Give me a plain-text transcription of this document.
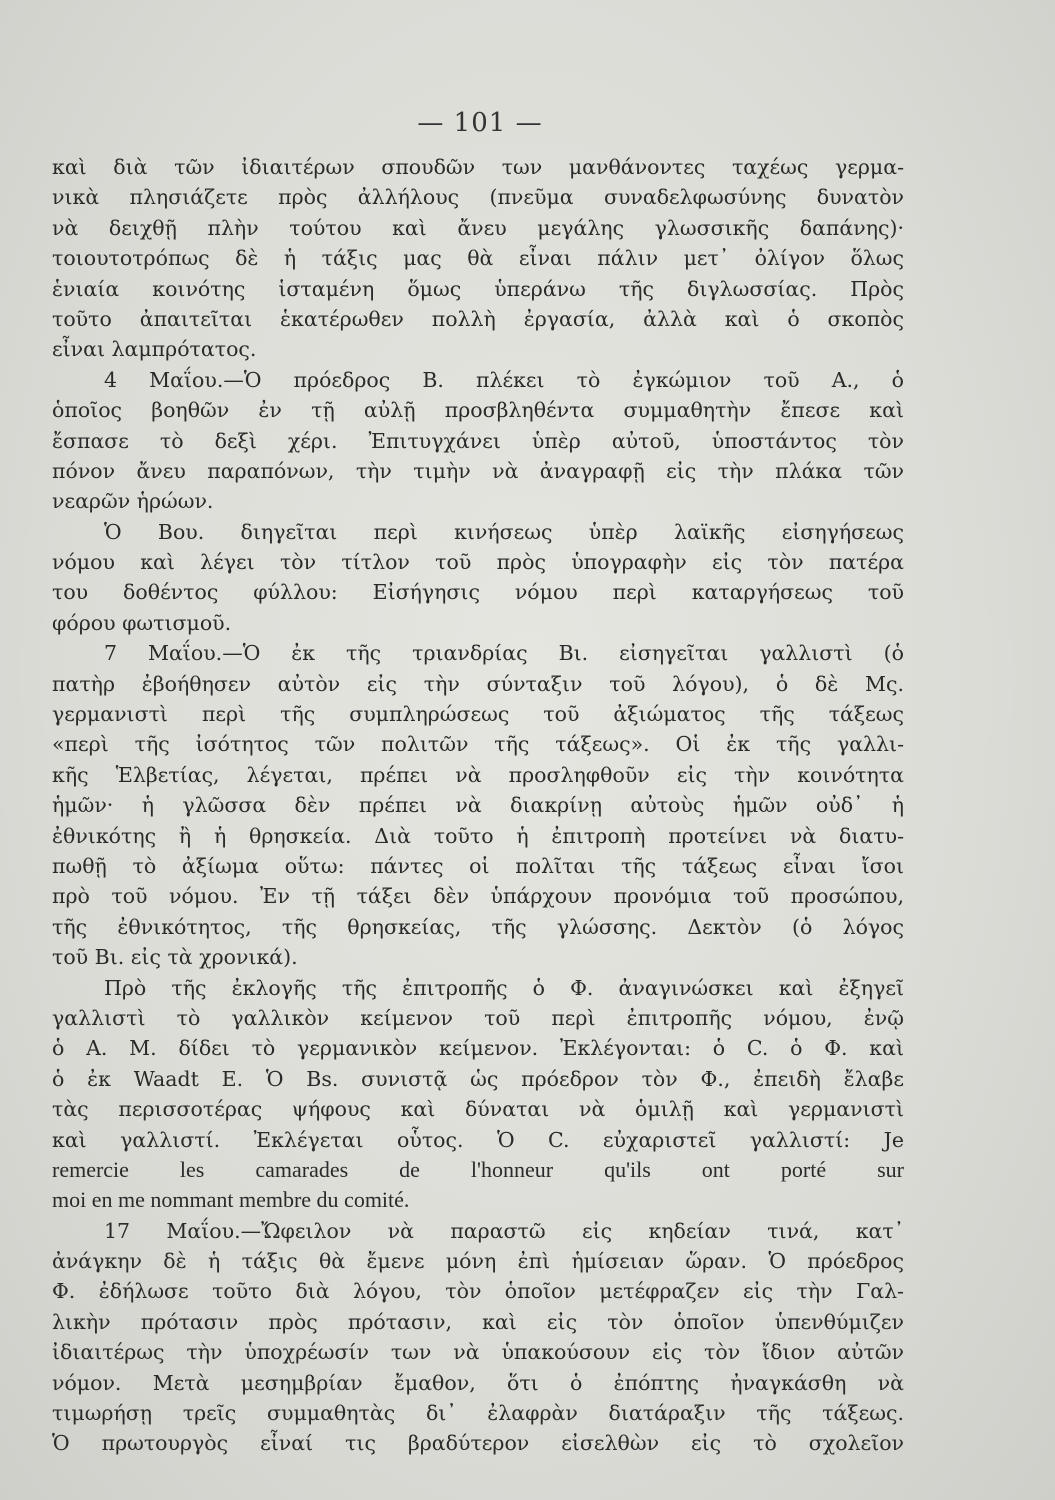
— 101 —
καὶ διὰ τῶν ἰδιαιτέρων σπουδῶν των μανθάνοντες ταχέως γερμα-
νικὰ πλησιάζετε πρὸς ἀλλήλους (πνεῦμα συναδελφωσύνης δυνατὸν
νὰ δειχθῇ πλὴν τούτου καὶ ἄνευ μεγάλης γλωσσικῆς δαπάνης)·
τοιουτοτρόπως δὲ ἡ τάξις μας θὰ εἶναι πάλιν μετ᾽ ὀλίγον ὅλως
ἑνιαία κοινότης ἱσταμένη ὅμως ὑπεράνω τῆς διγλωσσίας. Πρὸς
τοῦτο ἀπαιτεῖται ἑκατέρωθεν πολλὴ ἐργασία, ἀλλὰ καὶ ὁ σκοπὸς
εἶναι λαμπρότατος.
4 Μαΐου.—Ὁ πρόεδρος Β. πλέκει τὸ ἐγκώμιον τοῦ Α., ὁ
ὁποῖος βοηθῶν ἐν τῇ αὐλῇ προσβληθέντα συμμαθητὴν ἔπεσε καὶ
ἔσπασε τὸ δεξὶ χέρι. Ἐπιτυγχάνει ὑπὲρ αὐτοῦ, ὑποστάντος τὸν
πόνον ἄνευ παραπόνων, τὴν τιμὴν νὰ ἀναγραφῇ εἰς τὴν πλάκα τῶν
νεαρῶν ἡρώων.
Ὁ Βου. διηγεῖται περὶ κινήσεως ὑπὲρ λαϊκῆς εἰσηγήσεως
νόμου καὶ λέγει τὸν τίτλον τοῦ πρὸς ὑπογραφὴν εἰς τὸν πατέρα
του δοθέντος φύλλου: Εἰσήγησις νόμου περὶ καταργήσεως τοῦ
φόρου φωτισμοῦ.
7 Μαΐου.—Ὁ ἐκ τῆς τριανδρίας Βι. εἰσηγεῖται γαλλιστὶ (ὁ
πατὴρ ἐβοήθησεν αὐτὸν εἰς τὴν σύνταξιν τοῦ λόγου), ὁ δὲ Μς.
γερμανιστὶ περὶ τῆς συμπληρώσεως τοῦ ἀξιώματος τῆς τάξεως
«περὶ τῆς ἰσότητος τῶν πολιτῶν τῆς τάξεως». Οἱ ἐκ τῆς γαλλι-
κῆς Ἑλβετίας, λέγεται, πρέπει νὰ προσληφθοῦν εἰς τὴν κοινότητα
ἡμῶν· ἡ γλῶσσα δὲν πρέπει νὰ διακρίνῃ αὐτοὺς ἡμῶν οὐδ᾽ ἡ
ἐθνικότης ἢ ἡ θρησκεία. Διὰ τοῦτο ἡ ἐπιτροπὴ προτείνει νὰ διατυ-
πωθῇ τὸ ἀξίωμα οὕτω: πάντες οἱ πολῖται τῆς τάξεως εἶναι ἴσοι
πρὸ τοῦ νόμου. Ἐν τῇ τάξει δὲν ὑπάρχουν προνόμια τοῦ προσώπου,
τῆς ἐθνικότητος, τῆς θρησκείας, τῆς γλώσσης. Δεκτὸν (ὁ λόγος
τοῦ Βι. εἰς τὰ χρονικά).
Πρὸ τῆς ἐκλογῆς τῆς ἐπιτροπῆς ὁ Φ. ἀναγινώσκει καὶ ἐξηγεῖ
γαλλιστὶ τὸ γαλλικὸν κείμενον τοῦ περὶ ἐπιτροπῆς νόμου, ἐνῷ
ὁ Α. Μ. δίδει τὸ γερμανικὸν κείμενον. Ἐκλέγονται: ὁ C. ὁ Φ. καὶ
ὁ ἐκ Waadt E. Ὁ Bs. συνιστᾷ ὡς πρόεδρον τὸν Φ., ἐπειδὴ ἔλαβε
τὰς περισσοτέρας ψήφους καὶ δύναται νὰ ὁμιλῇ καὶ γερμανιστὶ
καὶ γαλλιστί. Ἐκλέγεται οὗτος. Ὁ C. εὐχαριστεῖ γαλλιστί: Je
remercie les camarades de l'honneur qu'ils ont porté sur
moi en me nommant membre du comité.
17 Μαΐου.—Ὤφειλον νὰ παραστῶ εἰς κηδείαν τινά, κατ᾽
ἀνάγκην δὲ ἡ τάξις θὰ ἔμενε μόνη ἐπὶ ἡμίσειαν ὥραν. Ὁ πρόεδρος
Φ. ἐδήλωσε τοῦτο διὰ λόγου, τὸν ὁποῖον μετέφραζεν εἰς τὴν Γαλ-
λικὴν πρότασιν πρὸς πρότασιν, καὶ εἰς τὸν ὁποῖον ὑπενθύμιζεν
ἰδιαιτέρως τὴν ὑποχρέωσίν των νὰ ὑπακούσουν εἰς τὸν ἴδιον αὐτῶν
νόμον. Μετὰ μεσημβρίαν ἔμαθον, ὅτι ὁ ἐπόπτης ἠναγκάσθη νὰ
τιμωρήσῃ τρεῖς συμμαθητὰς δι᾽ ἐλαφρὰν διατάραξιν τῆς τάξεως.
Ὁ πρωτουργὸς εἶναί τις βραδύτερον εἰσελθὼν εἰς τὸ σχολεῖον
